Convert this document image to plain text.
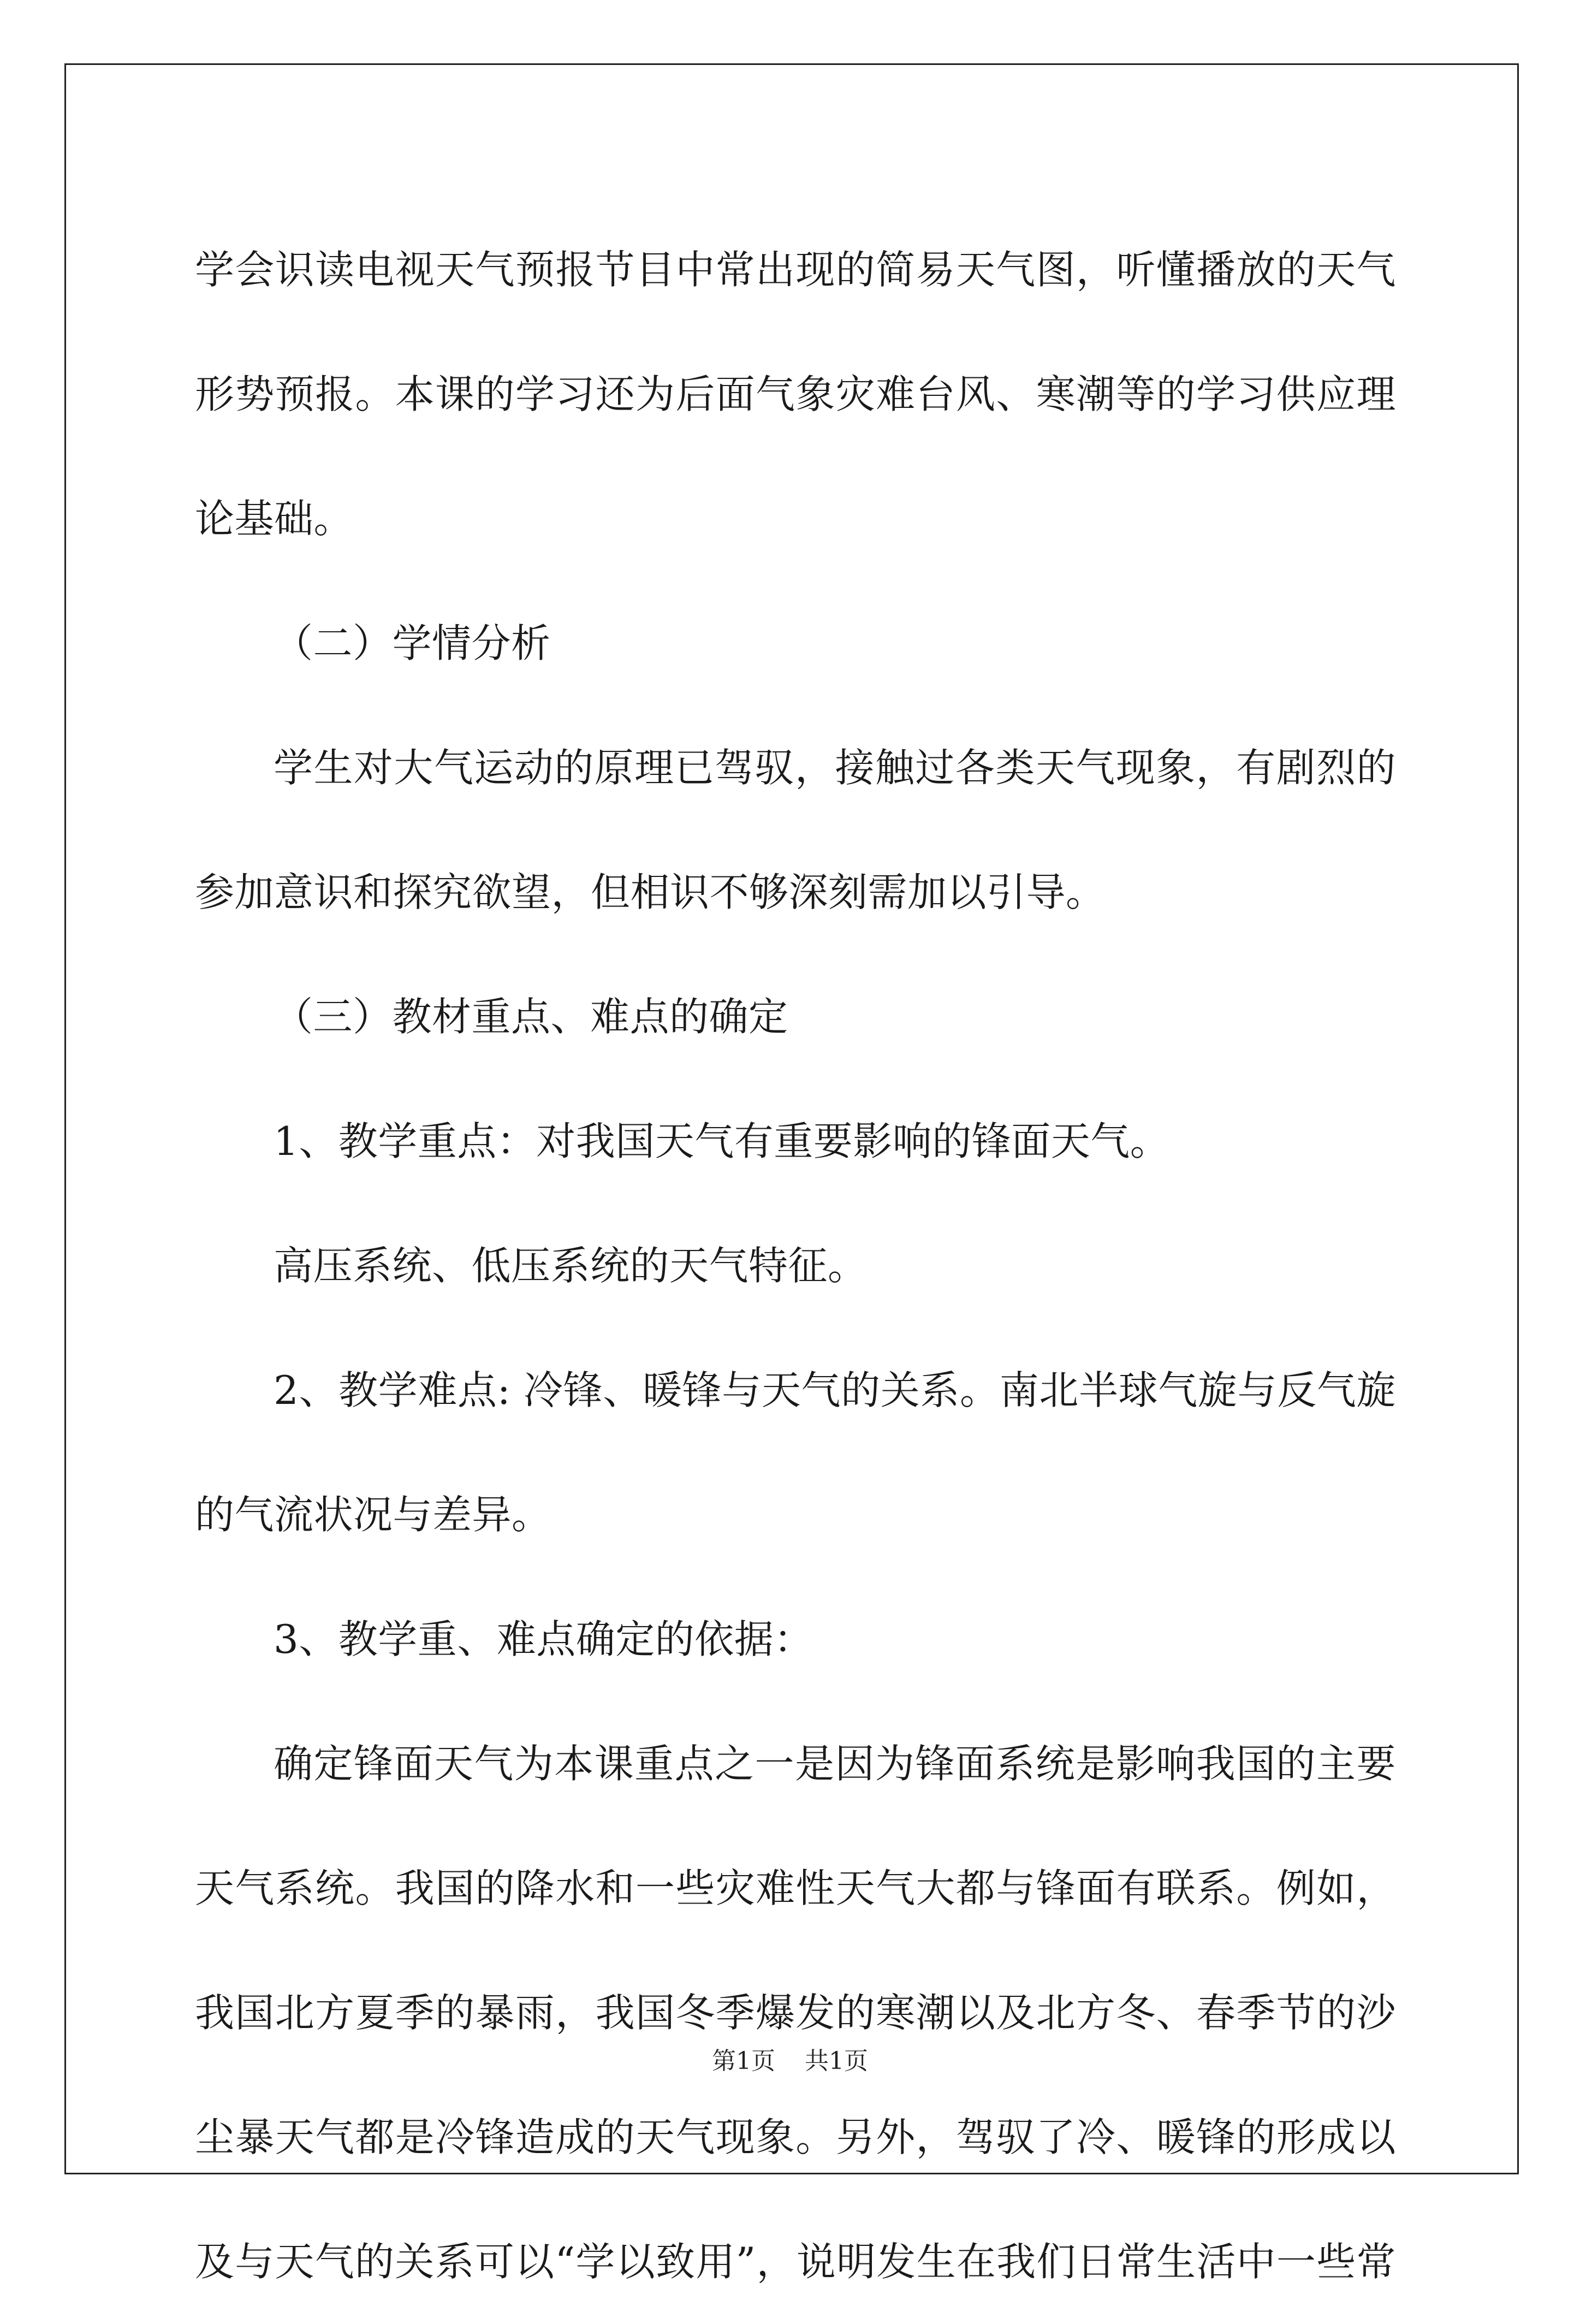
学会识读电视天气预报节目中常出现的简易天气图，听懂播放的天气
形势预报。本课的学习还为后面气象灾难台风、寒潮等的学习供应理
论基础。
（二）学情分析
学生对大气运动的原理已驾驭，接触过各类天气现象，有剧烈的
参加意识和探究欲望，但相识不够深刻需加以引导。
（三）教材重点、难点的确定
1、教学重点：对我国天气有重要影响的锋面天气。
高压系统、低压系统的天气特征。
2、教学难点: 冷锋、暖锋与天气的关系。南北半球气旋与反气旋
的气流状况与差异。
3、教学重、难点确定的依据：
确定锋面天气为本课重点之一是因为锋面系统是影响我国的主要
天气系统。我国的降水和一些灾难性天气大都与锋面有联系。例如，
我国北方夏季的暴雨，我国冬季爆发的寒潮以及北方冬、春季节的沙
尘暴天气都是冷锋造成的天气现象。另外，驾驭了冷、暖锋的形成以
及与天气的关系可以“学以致用”，说明发生在我们日常生活中一些常
第1页 共1页
